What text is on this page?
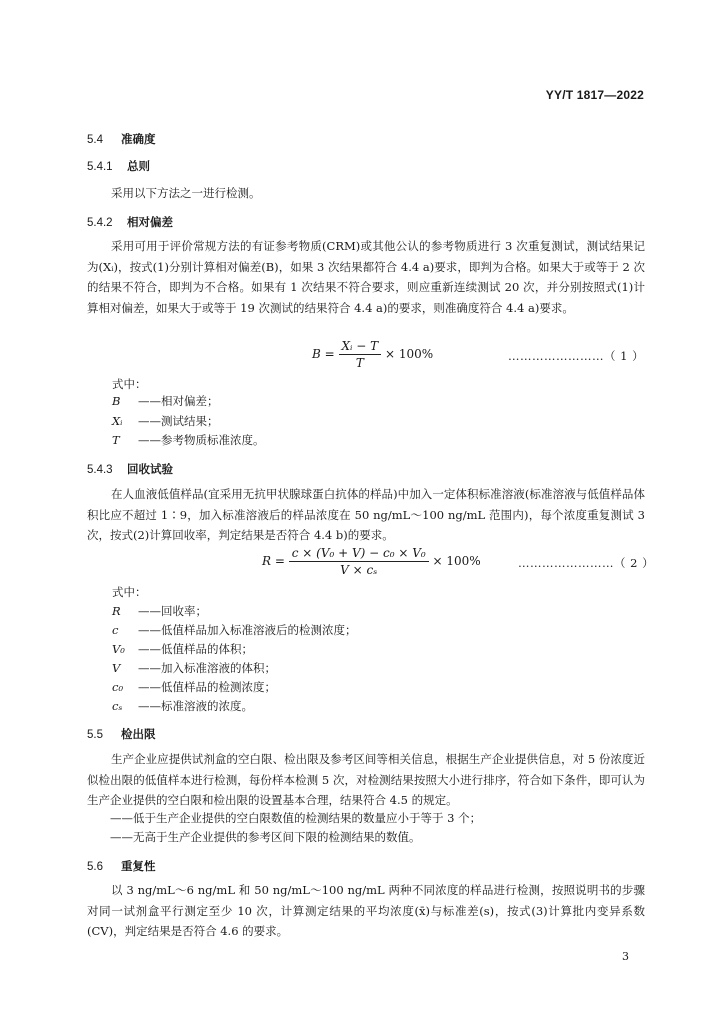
YY/T 1817—2022
5.4 准确度
5.4.1 总则
采用以下方法之一进行检测。
5.4.2 相对偏差
采用可用于评价常规方法的有证参考物质(CRM)或其他公认的参考物质进行 3 次重复测试，测试结果记为(Xᵢ)，按式(1)分别计算相对偏差(B)，如果 3 次结果都符合 4.4 a)要求，即判为合格。如果大于或等于 2 次的结果不符合，即判为不合格。如果有 1 次结果不符合要求，则应重新连续测试 20 次，并分别按照式(1)计算相对偏差，如果大于或等于 19 次测试的结果符合 4.4 a)的要求，则准确度符合 4.4 a)要求。
$B = \frac{\text{Xᵢ − T}}{T} \times 100\%$	……………………（ 1 ）
式中：
B ——相对偏差；
Xᵢ ——测试结果；
T ——参考物质标准浓度。
5.4.3 回收试验
在人血液低值样品(宜采用无抗甲状腺球蛋白抗体的样品)中加入一定体积标准溶液(标准溶液与低值样品体积比应不超过 1∶9，加入标准溶液后的样品浓度在 50 ng/mL～100 ng/mL 范围内)，每个浓度重复测试 3 次，按式(2)计算回收率，判定结果是否符合 4.4 b)的要求。
$R = \frac{\text{c × (V₀ + V) − c₀ × V₀}}{\text{V × cₛ}} \times 100\%$	……………………（ 2 ）
式中：
R ——回收率；
c ——低值样品加入标准溶液后的检测浓度；
V₀ ——低值样品的体积；
V ——加入标准溶液的体积；
c₀ ——低值样品的检测浓度；
cₛ ——标准溶液的浓度。
5.5 检出限
生产企业应提供试剂盒的空白限、检出限及参考区间等相关信息，根据生产企业提供信息，对 5 份浓度近似检出限的低值样本进行检测，每份样本检测 5 次，对检测结果按照大小进行排序，符合如下条件，即可认为生产企业提供的空白限和检出限的设置基本合理，结果符合 4.5 的规定。
——低于生产企业提供的空白限数值的检测结果的数量应小于等于 3 个；
——无高于生产企业提供的参考区间下限的检测结果的数值。
5.6 重复性
以 3 ng/mL～6 ng/mL 和 50 ng/mL～100 ng/mL 两种不同浓度的样品进行检测，按照说明书的步骤对同一试剂盒平行测定至少 10 次，计算测定结果的平均浓度(x̄)与标准差(s)，按式(3)计算批内变异系数(CV)，判定结果是否符合 4.6 的要求。
3
